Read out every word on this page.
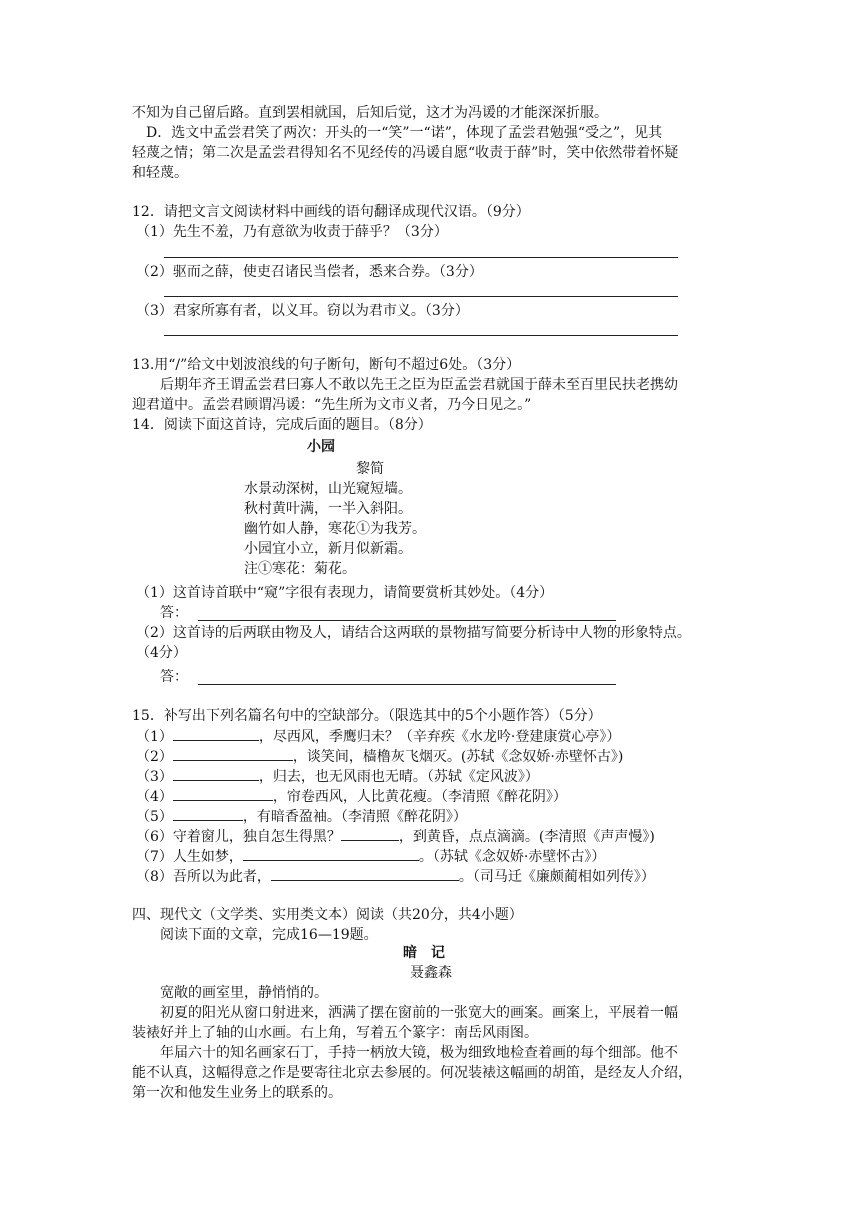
不知为自己留后路。直到罢相就国，后知后觉，这才为冯谖的才能深深折服。
D．选文中孟尝君笑了两次：开头的一“笑”一“诺”，体现了孟尝君勉强“受之”，见其
轻蔑之情；第二次是孟尝君得知名不见经传的冯谖自愿“收责于薛”时，笑中依然带着怀疑
和轻蔑。
12．请把文言文阅读材料中画线的语句翻译成现代汉语。（9分）
（1）先生不羞，乃有意欲为收责于薛乎？（3分）
（2）驱而之薛，使吏召诸民当偿者，悉来合券。（3分）
（3）君家所寡有者，以义耳。窃以为君市义。（3分）
13.用“/”给文中划波浪线的句子断句，断句不超过6处。（3分）
后期年齐王谓孟尝君曰寡人不敢以先王之臣为臣孟尝君就国于薛未至百里民扶老携幼
迎君道中。孟尝君顾谓冯谖：“先生所为文市义者，乃今日见之。”
14．阅读下面这首诗，完成后面的题目。（8分）
小园
黎简
水景动深树，山光窥短墙。
秋村黄叶满，一半入斜阳。
幽竹如人静，寒花①为我芳。
小园宜小立，新月似新霜。
注①寒花：菊花。
（1）这首诗首联中“窥”字很有表现力，请简要赏析其妙处。（4分）
答：
（2）这首诗的后两联由物及人，请结合这两联的景物描写简要分析诗中人物的形象特点。
（4分）
答：
15．补写出下列名篇名句中的空缺部分。（限选其中的5个小题作答）（5分）
（1）	，尽西风，季鹰归未？（辛弃疾《水龙吟·登建康赏心亭》）
（2）	，谈笑间，樯橹灰飞烟灭。(苏轼《念奴娇·赤壁怀古》)
（3）	，归去，也无风雨也无晴。（苏轼《定风波》）
（4）	，帘卷西风，人比黄花瘦。（李清照《醉花阴》）
（5）	，有暗香盈袖。（李清照《醉花阴》）
（6）守着窗儿，独自怎生得黑？	，到黄昏，点点滴滴。(李清照《声声慢》)
（7）人生如梦，	。（苏轼《念奴娇·赤壁怀古》）
（8）吾所以为此者，	。（司马迁《廉颇蔺相如列传》）
四、现代文（文学类、实用类文本）阅读（共20分，共4小题）
阅读下面的文章，完成16—19题。
暗　记
聂鑫森
宽敞的画室里，静悄悄的。
初夏的阳光从窗口射进来，洒满了摆在窗前的一张宽大的画案。画案上，平展着一幅
装裱好并上了轴的山水画。右上角，写着五个篆字：南岳风雨图。
年届六十的知名画家石丁，手持一柄放大镜，极为细致地检查着画的每个细部。他不
能不认真，这幅得意之作是要寄往北京去参展的。何况装裱这幅画的胡笛，是经友人介绍，
第一次和他发生业务上的联系的。
